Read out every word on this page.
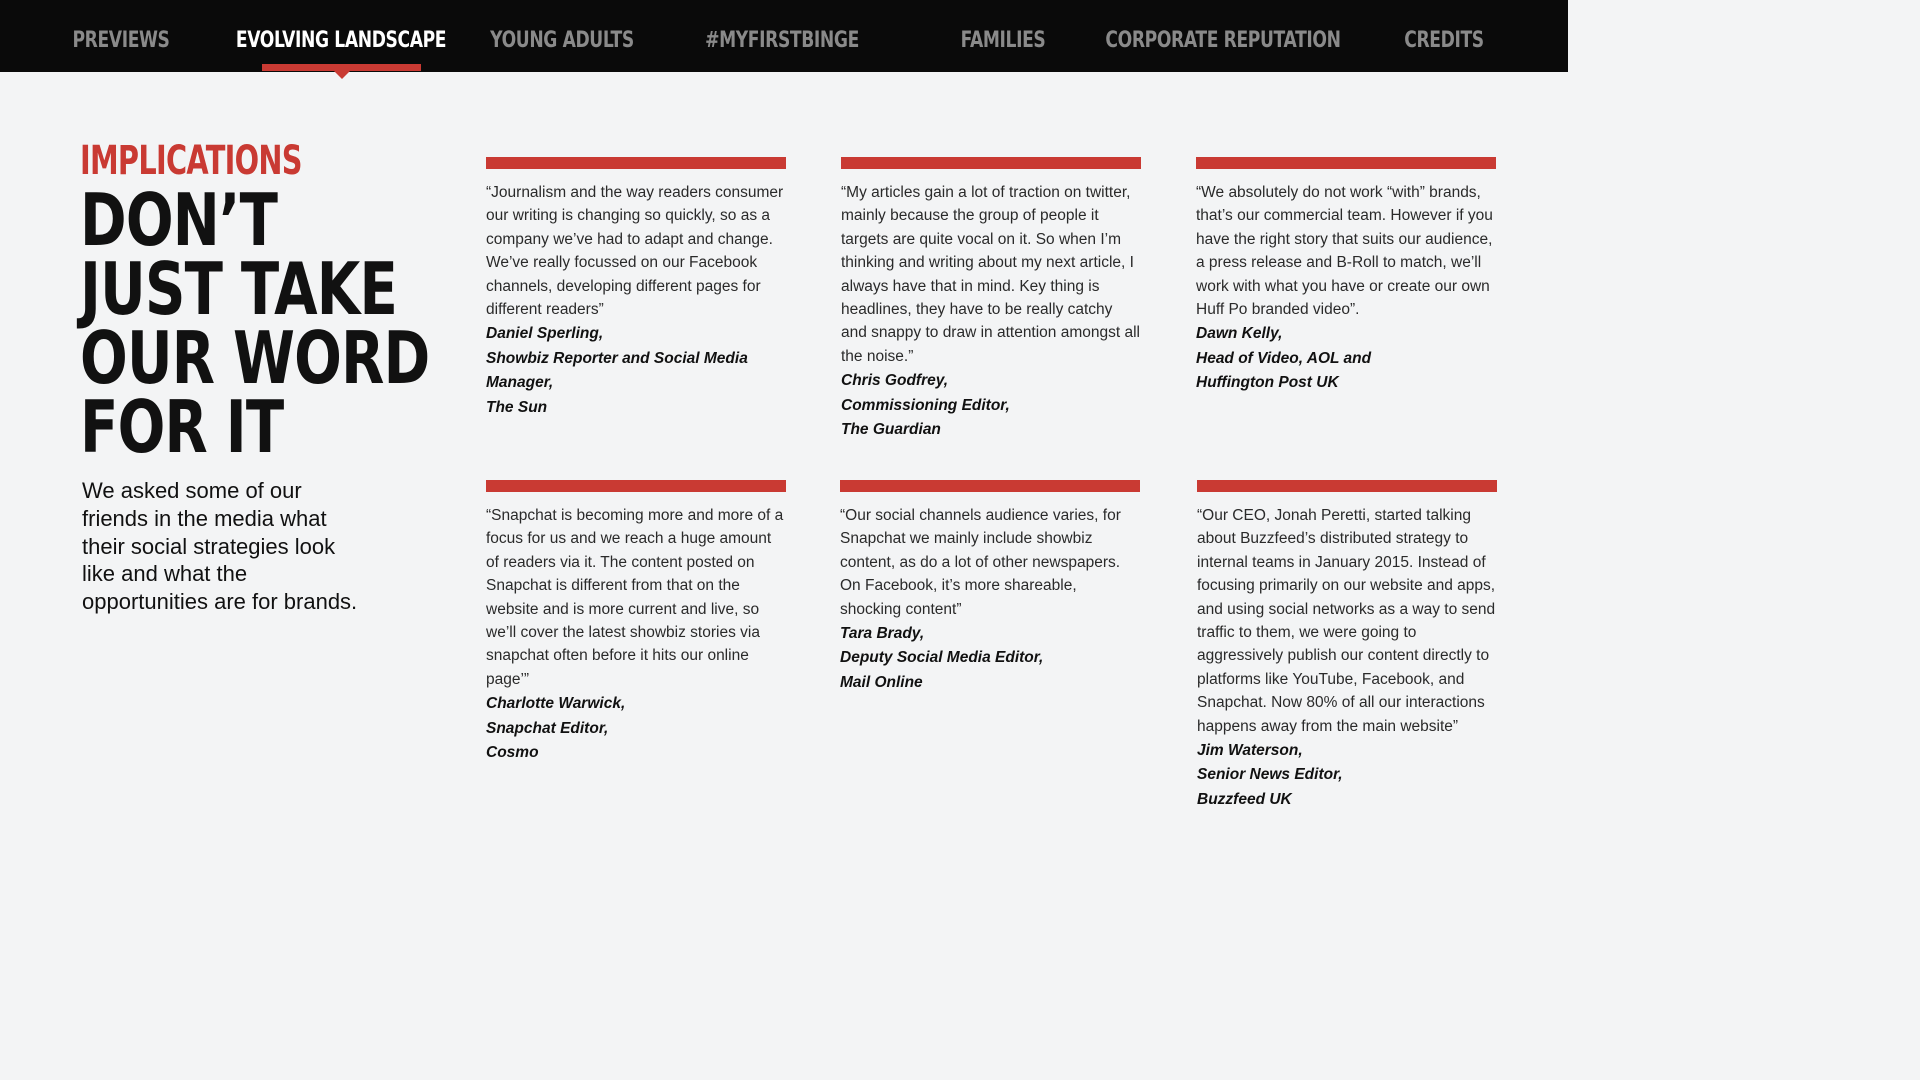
PREVIEWS	EVOLVING LANDSCAPE	YOUNG ADULTS	#MYFIRSTBINGE	FAMILIES	CORPORATE REPUTATION	CREDITS
IMPLICATIONS
DON’T
JUST TAKE
OUR WORD
FOR IT
We asked some of our friends in the media what their social strategies look like and what the opportunities are for brands.
“Journalism and the way readers consumer our writing is changing so quickly, so as a company we’ve had to adapt and change. We’ve really focussed on our Facebook channels, developing different pages for different readers”
Daniel Sperling,
Showbiz Reporter and Social Media Manager,
The Sun
“My articles gain a lot of traction on twitter, mainly because the group of people it targets are quite vocal on it. So when I’m thinking and writing about my next article, I always have that in mind. Key thing is headlines, they have to be really catchy and snappy to draw in attention amongst all the noise.”
Chris Godfrey,
Commissioning Editor,
The Guardian
“We absolutely do not work “with” brands, that’s our commercial team. However if you have the right story that suits our audience, a press release and B-Roll to match, we’ll work with what you have or create our own Huff Po branded video”.
Dawn Kelly,
Head of Video, AOL and
Huffington Post UK
“Snapchat is becoming more and more of a focus for us and we reach a huge amount of readers via it. The content posted on Snapchat is different from that on the website and is more current and live, so we’ll cover the latest showbiz stories via snapchat often before it hits our online page’”
Charlotte Warwick,
Snapchat Editor,
Cosmo
“Our social channels audience varies, for Snapchat we mainly include showbiz content, as do a lot of other newspapers. On Facebook, it’s more shareable, shocking content”
Tara Brady,
Deputy Social Media Editor,
Mail Online
“Our CEO, Jonah Peretti, started talking about Buzzfeed’s distributed strategy to internal teams in January 2015. Instead of focusing primarily on our website and apps, and using social networks as a way to send traffic to them, we were going to aggressively publish our content directly to platforms like YouTube, Facebook, and Snapchat. Now 80% of all our interactions happens away from the main website”
Jim Waterson,
Senior News Editor,
Buzzfeed UK
